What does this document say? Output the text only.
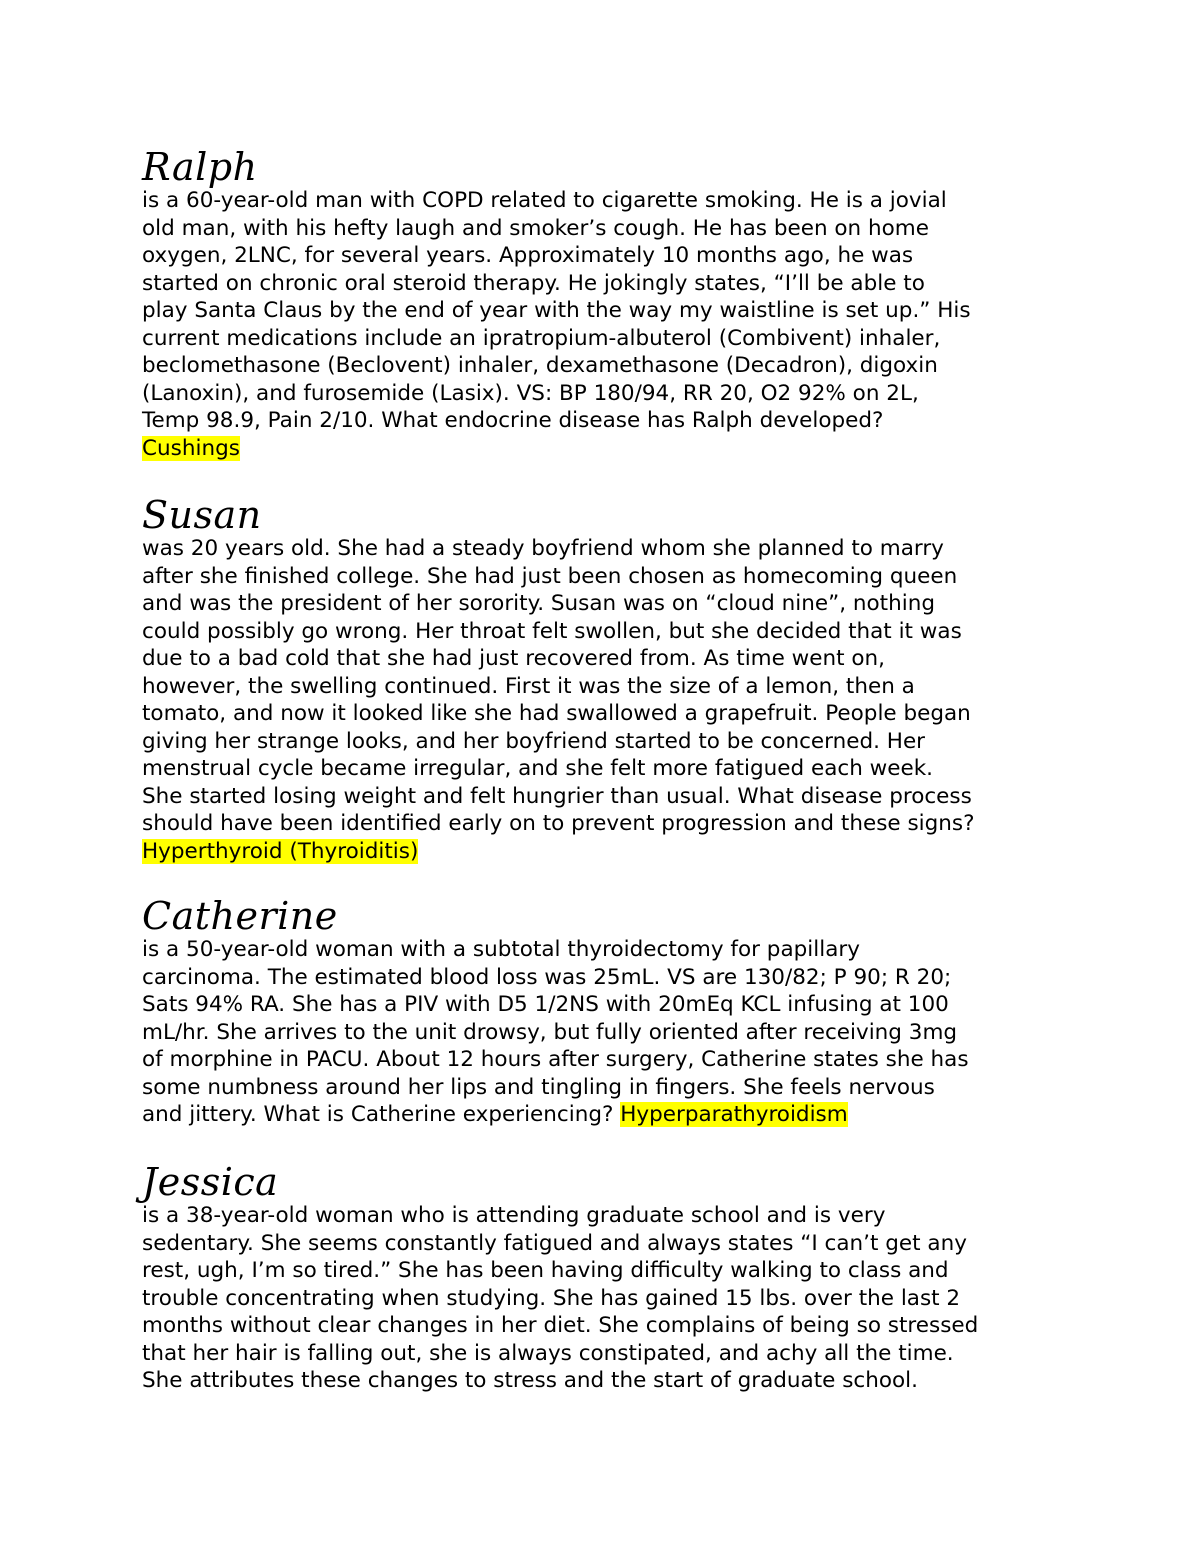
Ralph

is a 60-year-old man with COPD related to cigarette smoking. He is a jovial
old man, with his hefty laugh and smoker’s cough. He has been on home
oxygen, 2LNC, for several years. Approximately 10 months ago, he was
started on chronic oral steroid therapy. He jokingly states, “I’ll be able to
play Santa Claus by the end of year with the way my waistline is set up.” His
current medications include an ipratropium-albuterol (Combivent) inhaler,
beclomethasone (Beclovent) inhaler, dexamethasone (Decadron), digoxin
(Lanoxin), and furosemide (Lasix). VS: BP 180/94, RR 20, O2 92% on 2L,
Temp 98.9, Pain 2/10. What endocrine disease has Ralph developed?
Cushings

Susan

was 20 years old. She had a steady boyfriend whom she planned to marry
after she finished college. She had just been chosen as homecoming queen
and was the president of her sorority. Susan was on “cloud nine”, nothing
could possibly go wrong. Her throat felt swollen, but she decided that it was
due to a bad cold that she had just recovered from. As time went on,
however, the swelling continued. First it was the size of a lemon, then a
tomato, and now it looked like she had swallowed a grapefruit. People began
giving her strange looks, and her boyfriend started to be concerned. Her
menstrual cycle became irregular, and she felt more fatigued each week.
She started losing weight and felt hungrier than usual. What disease process
should have been identified early on to prevent progression and these signs?
Hyperthyroid (Thyroiditis)

Catherine

is a 50-year-old woman with a subtotal thyroidectomy for papillary
carcinoma. The estimated blood loss was 25mL. VS are 130/82; P 90; R 20;
Sats 94% RA. She has a PIV with D5 1/2NS with 20mEq KCL infusing at 100
mL/hr. She arrives to the unit drowsy, but fully oriented after receiving 3mg
of morphine in PACU. About 12 hours after surgery, Catherine states she has
some numbness around her lips and tingling in fingers. She feels nervous
and jittery. What is Catherine experiencing? Hyperparathyroidism

Jessica

is a 38-year-old woman who is attending graduate school and is very
sedentary. She seems constantly fatigued and always states “I can’t get any
rest, ugh, I’m so tired.” She has been having difficulty walking to class and
trouble concentrating when studying. She has gained 15 lbs. over the last 2
months without clear changes in her diet. She complains of being so stressed
that her hair is falling out, she is always constipated, and achy all the time.
She attributes these changes to stress and the start of graduate school.
